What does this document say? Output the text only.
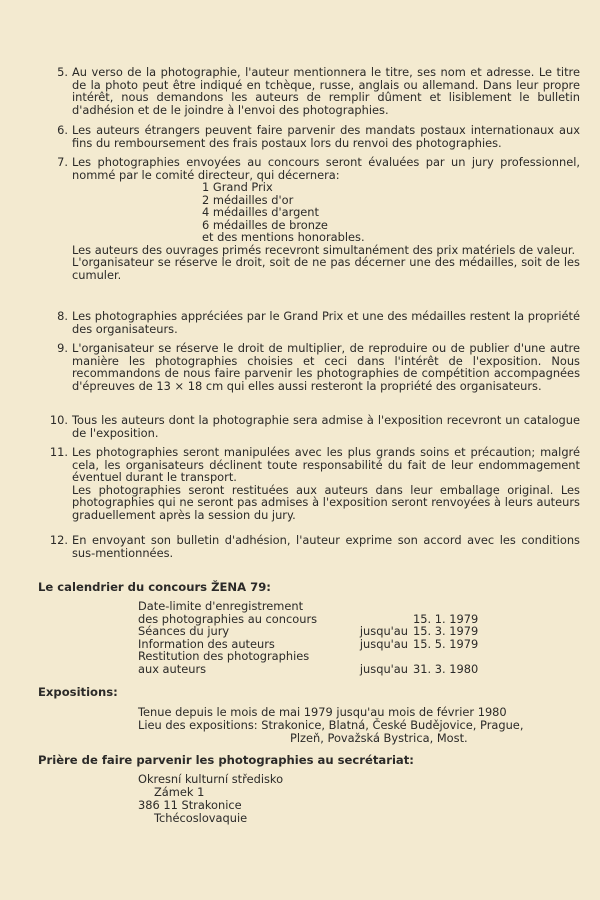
5. Au verso de la photographie, l'auteur mentionnera le titre, ses nom et adresse. Le titre de la photo peut être indiqué en tchèque, russe, anglais ou allemand. Dans leur propre intérêt, nous demandons les auteurs de remplir dûment et lisiblement le bulletin d'adhésion et de le joindre à l'envoi des photographies.

6. Les auteurs étrangers peuvent faire parvenir des mandats postaux internationaux aux fins du remboursement des frais postaux lors du renvoi des photographies.

7. Les photographies envoyées au concours seront évaluées par un jury professionnel, nommé par le comité directeur, qui décernera:

1 Grand Prix
2 médailles d'or
4 médailles d'argent
6 médailles de bronze
et des mentions honorables.

Les auteurs des ouvrages primés recevront simultanément des prix matériels de valeur.

L'organisateur se réserve le droit, soit de ne pas décerner une des médailles, soit de les cumuler.

8. Les photographies appréciées par le Grand Prix et une des médailles restent la propriété des organisateurs.

9. L'organisateur se réserve le droit de multiplier, de reproduire ou de publier d'une autre manière les photographies choisies et ceci dans l'intérêt de l'exposition. Nous recommandons de nous faire parvenir les photographies de compétition accompagnées d'épreuves de 13 × 18 cm qui elles aussi resteront la propriété des organisateurs.

10. Tous les auteurs dont la photographie sera admise à l'exposition recevront un catalogue de l'exposition.

11. Les photographies seront manipulées avec les plus grands soins et précaution; malgré cela, les organisateurs déclinent toute responsabilité du fait de leur endommagement éventuel durant le transport.

Les photographies seront restituées aux auteurs dans leur emballage original. Les photographies qui ne seront pas admises à l'exposition seront renvoyées à leurs auteurs graduellement après la session du jury.

12. En envoyant son bulletin d'adhésion, l'auteur exprime son accord avec les conditions sus-mentionnées.

Le calendrier du concours ŽENA 79:
Date-limite d'enregistrement
des photographies au concours	15. 1. 1979
Séances du jury	jusqu'au 15. 3. 1979
Information des auteurs	jusqu'au 15. 5. 1979
Restitution des photographies
aux auteurs	jusqu'au 31. 3. 1980
Expositions:
Tenue depuis le mois de mai 1979 jusqu'au mois de février 1980
Lieu des expositions: Strakonice, Blatná, České Budějovice, Prague,
Plzeň, Považská Bystrica, Most.
Prière de faire parvenir les photographies au secrétariat:
Okresní kulturní středisko
Zámek 1
386 11 Strakonice
Tchécoslovaquie
